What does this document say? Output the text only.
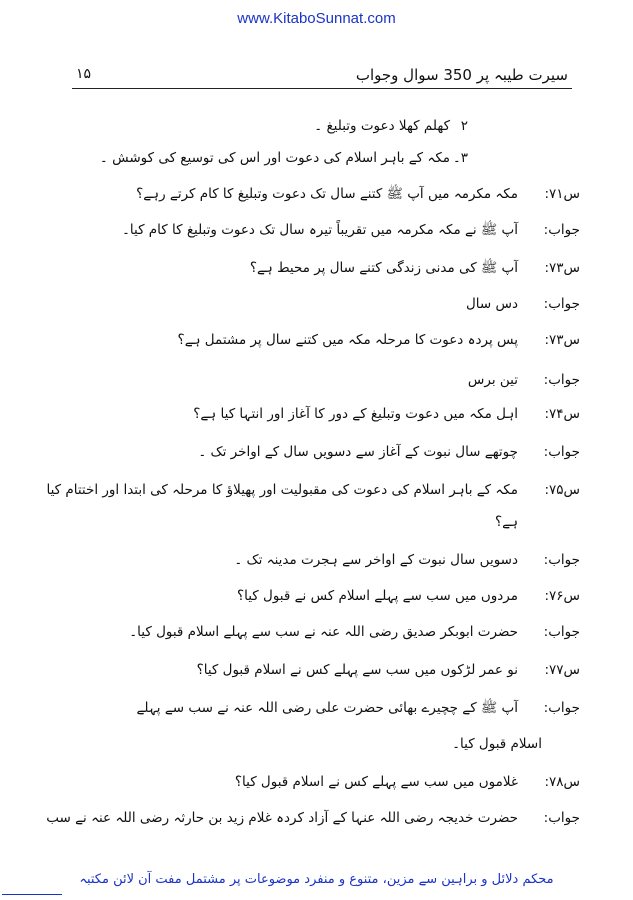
www.KitaboSunnat.com
۱۵	سیرت طیبہ پر 350 سوال وجواب
۲
کھلم کھلا دعوت وتبلیغ ۔
۳۔
مکہ کے باہر اسلام کی دعوت اور اس کی توسیع کی کوشش ۔
س۷۱:
مکہ مکرمہ میں آپ ﷺ کتنے سال تک دعوت وتبلیغ کا کام کرتے رہے؟
جواب:
آپ ﷺ نے مکہ مکرمہ میں تقریباً تیرہ سال تک دعوت وتبلیغ کا کام کیا۔
س۷۳:
آپ ﷺ کی مدنی زندگی کتنے سال پر محیط ہے؟
جواب:
دس سال
س۷۳:
پس پردہ دعوت کا مرحلہ مکہ میں کتنے سال پر مشتمل ہے؟
جواب:
تین برس
س۷۴:
اہل مکہ میں دعوت وتبلیغ کے دور کا آغاز اور انتہا کیا ہے؟
جواب:
چوتھے سال نبوت کے آغاز سے دسویں سال کے اواخر تک ۔
س۷۵:
مکہ کے باہر اسلام کی دعوت کی مقبولیت اور پھیلاؤ کا مرحلہ کی ابتدا اور اختتام کیا
ہے؟
جواب:
دسویں سال نبوت کے اواخر سے ہجرت مدینہ تک ۔
س۷۶:
مردوں میں سب سے پہلے اسلام کس نے قبول کیا؟
جواب:
حضرت ابوبکر صدیق رضی اللہ عنہ نے سب سے پہلے اسلام قبول کیا۔
س۷۷:
نو عمر لڑکوں میں سب سے پہلے کس نے اسلام قبول کیا؟
جواب:
آپ ﷺ کے چچیرے بھائی حضرت علی رضی اللہ عنہ نے سب سے پہلے
اسلام قبول کیا۔
س۷۸:
غلاموں میں سب سے پہلے کس نے اسلام قبول کیا؟
جواب:
حضرت خدیجہ رضی اللہ عنہا کے آزاد کردہ غلام زید بن حارثہ رضی اللہ عنہ نے سب
محکم دلائل و براہین سے مزین، متنوع و منفرد موضوعات پر مشتمل مفت آن لائن مکتبہ
